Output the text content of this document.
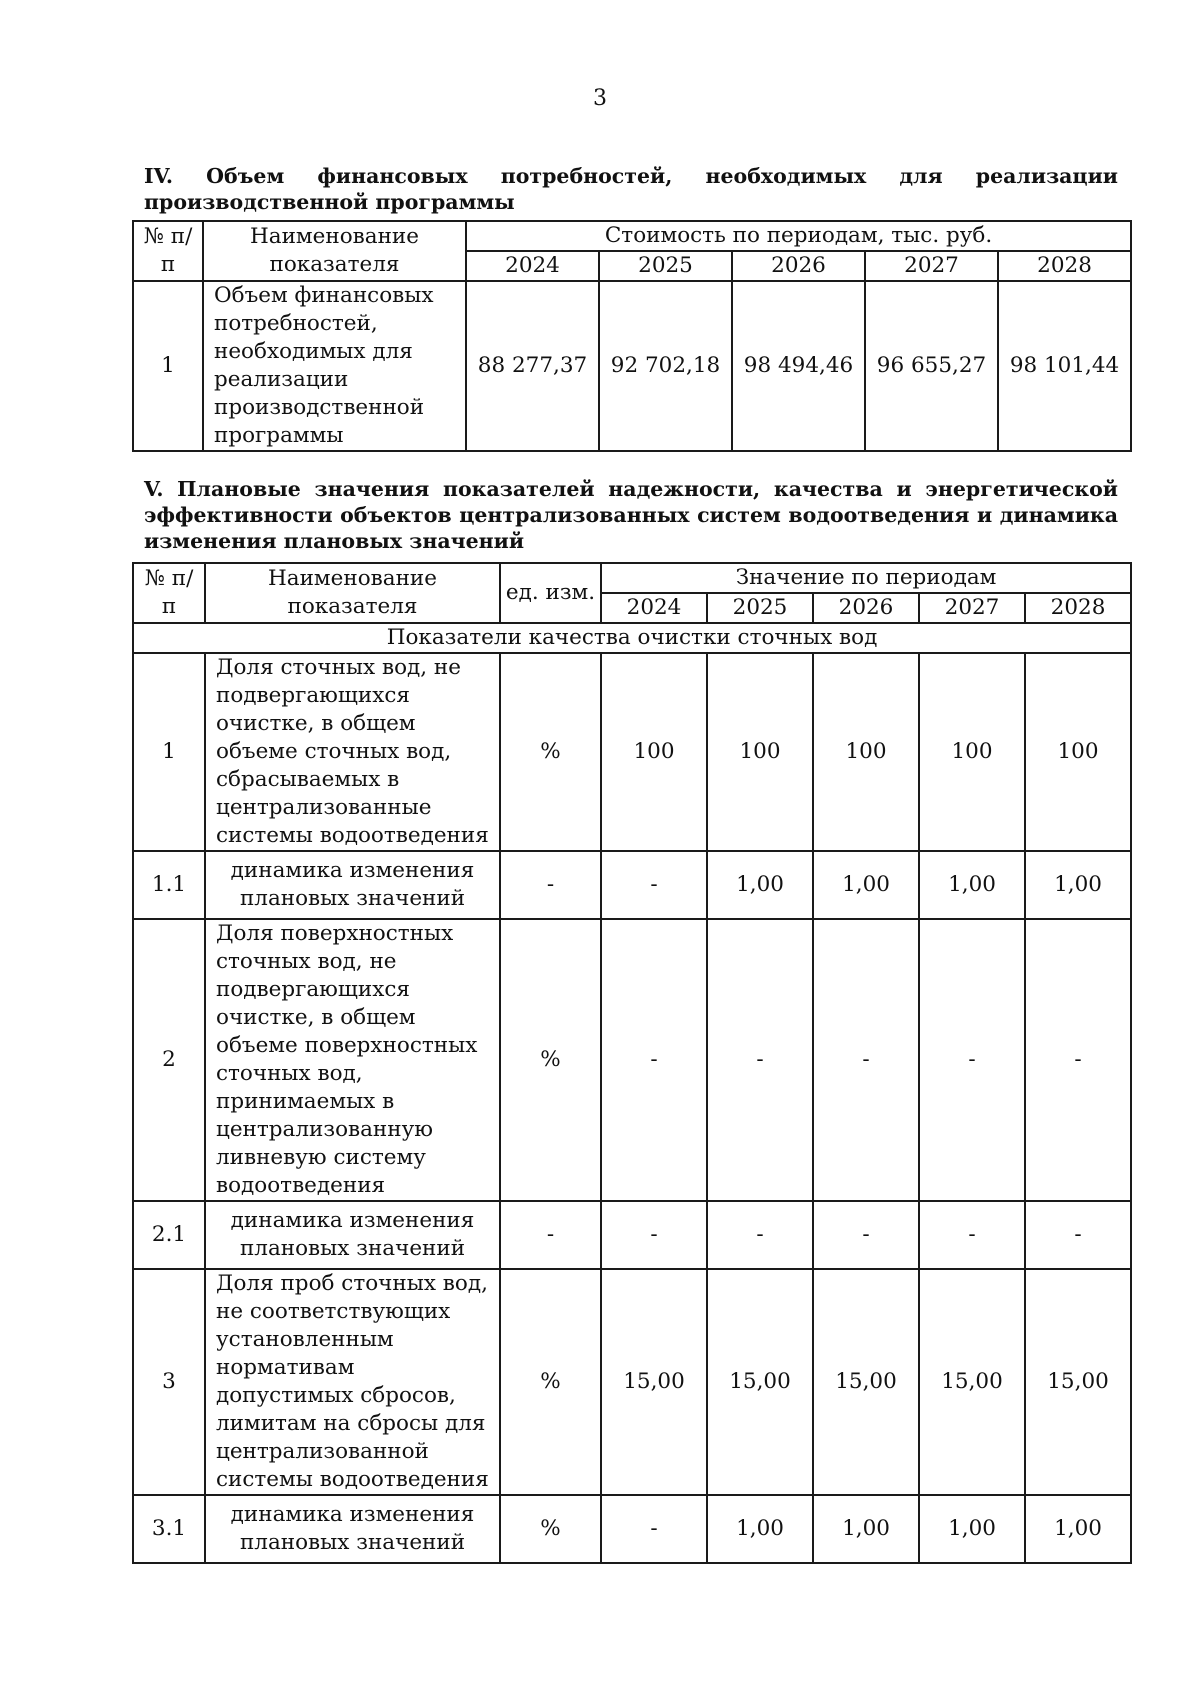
3
IV. Объем финансовых потребностей, необходимых для реализации производственной программы
№ п/п	Наименование показателя	Стоимость по периодам, тыс. руб.				
		2024	2025	2026	2027	2028
1	Объем финансовых потребностей, необходимых для реализации производственной программы	88 277,37	92 702,18	98 494,46	96 655,27	98 101,44
V. Плановые значения показателей надежности, качества и энергетической эффективности объектов централизованных систем водоотведения и динамика изменения плановых значений
№ п/п	Наименование показателя	ед. изм.	Значение по периодам				
			2024	2025	2026	2027	2028
Показатели качества очистки сточных вод							
1	Доля сточных вод, не подвергающихся очистке, в общем объеме сточных вод, сбрасываемых в централизованные системы водоотведения	%	100	100	100	100	100
1.1	динамика изменения плановых значений	-	-	1,00	1,00	1,00	1,00
2	Доля поверхностных сточных вод, не подвергающихся очистке, в общем объеме поверхностных сточных вод, принимаемых в централизованную ливневую систему водоотведения	%	-	-	-	-	-
2.1	динамика изменения плановых значений	-	-	-	-	-	-
3	Доля проб сточных вод, не соответствующих установленным нормативам допустимых сбросов, лимитам на сбросы для централизованной системы водоотведения	%	15,00	15,00	15,00	15,00	15,00
3.1	динамика изменения плановых значений	%	-	1,00	1,00	1,00	1,00
